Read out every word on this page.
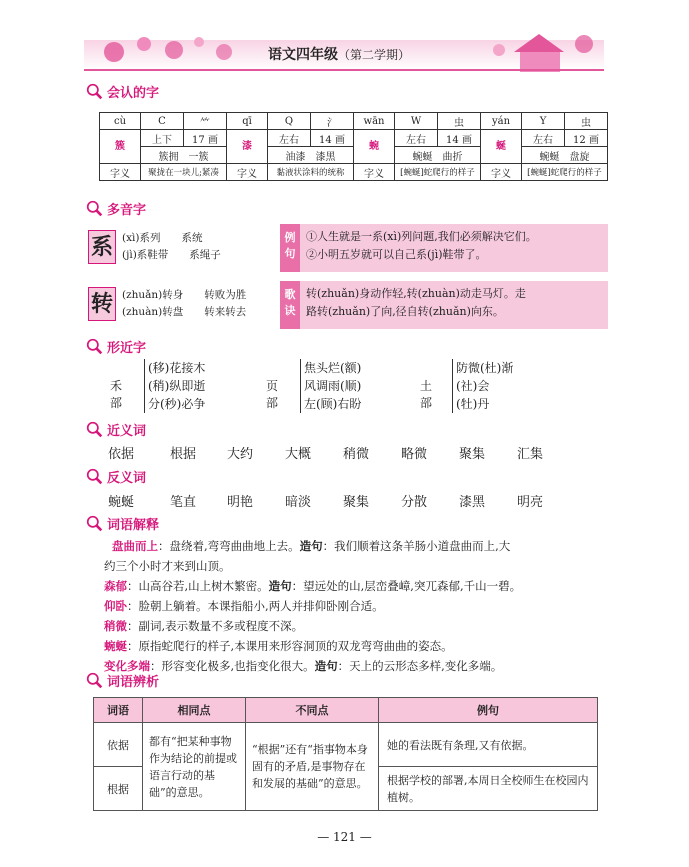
语文四年级（第二学期）
会认的字
cù	C	⺮	qī	Q	氵	wān	W	虫	yán	Y	虫
簇	上下	17 画	漆	左右	14 画	蜿	左右	14 画	蜒	左右	12 画
	簇拥　 一簇			油漆　 漆黑			蜿蜒　 曲折			蜿蜒　 盘旋	
字义	聚拢在一块儿;紧凑		字义	黏液状涂料的统称		字义	[蜿蜒]蛇爬行的样子		字义	[蜿蜒]蛇爬行的样子	
多音字
系 (xì)系列　　系统
(jì)系鞋带　　系绳子
例句
①人生就是一系(xì)列问题,我们必须解决它们。
②小明五岁就可以自己系(jì)鞋带了。
转 (zhuǎn)转身　　转败为胜
(zhuàn)转盘　　转来转去
歌诀
转(zhuǎn)身动作轻,转(zhuàn)动走马灯。走
路转(zhuǎn)了向,径自转(zhuǎn)向东。
形近字
禾部
(移)花接木
(稍)纵即逝
分(秒)必争
页部
焦头烂(额)
风调雨(顺)
左(顾)右盼
土部
防微(杜)渐
(社)会
(牡)丹
近义词
依据	根据	大约	大概	稍微	略微	聚集	汇集
反义词
蜿蜒	笔直	明艳	暗淡	聚集	分散	漆黑	明亮
词语解释
盘曲而上：盘绕着,弯弯曲曲地上去。造句：我们顺着这条羊肠小道盘曲而上,大
约三个小时才来到山顶。
森郁：山高谷若,山上树木繁密。造句：望远处的山,层峦叠嶂,突兀森郁,千山一碧。
仰卧：脸朝上躺着。本课指船小,两人并排仰卧刚合适。
稍微：副词,表示数量不多或程度不深。
蜿蜒：原指蛇爬行的样子,本课用来形容洞顶的双龙弯弯曲曲的姿态。
变化多端：形容变化极多,也指变化很大。造句：天上的云形态多样,变化多端。
词语辨析
词语	相同点	不同点	例句
依据	都有“把某种事物作为结论的前提或语言行动的基础”的意思。	“根据”还有“指事物本身固有的矛盾,是事物存在和发展的基础”的意思。	她的看法既有条理,又有依据。
根据			根据学校的部署,本周日全校师生在校园内植树。
— 121 —
